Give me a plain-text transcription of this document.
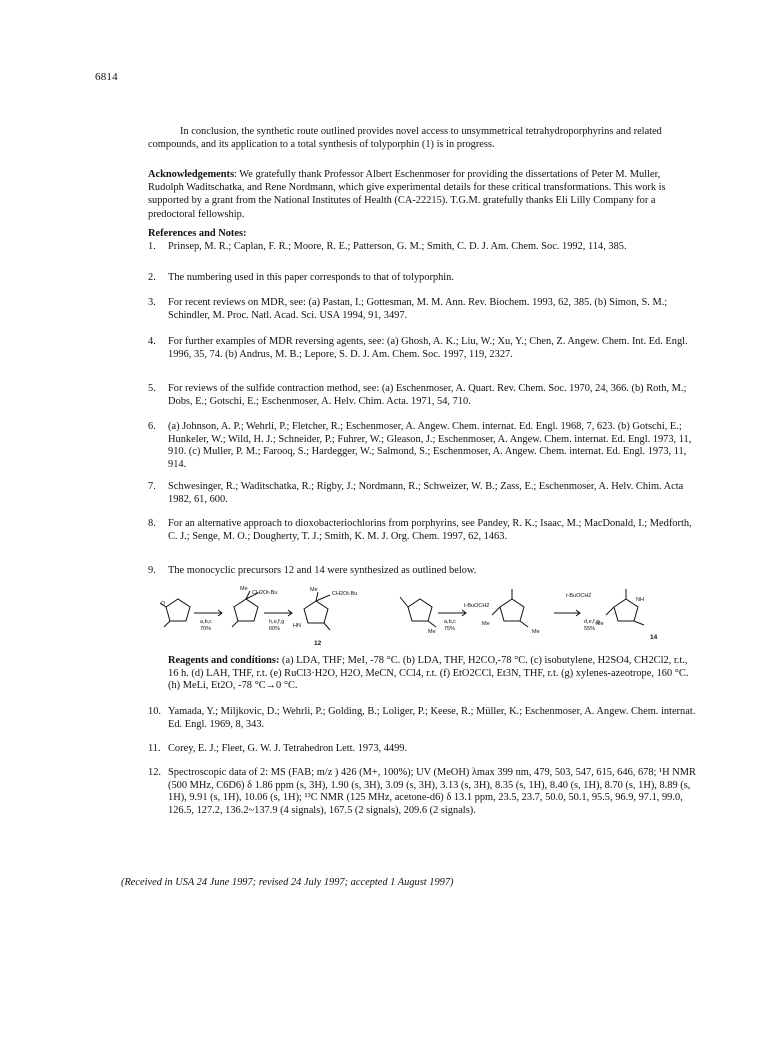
6814

In conclusion, the synthetic route outlined provides novel access to unsymmetrical tetrahydroporphyrins and related compounds, and its application to a total synthesis of tolyporphin (1) is in progress.

Acknowledgements: We gratefully thank Professor Albert Eschenmoser for providing the dissertations of Peter M. Muller, Rudolph Waditschatka, and Rene Nordmann, which give experimental details for these critical transformations. This work is supported by a grant from the National Institutes of Health (CA-22215). T.G.M. gratefully thanks Eli Lilly Company for a predoctoral fellowship.

References and Notes:
1.	Prinsep, M. R.; Caplan, F. R.; Moore, R. E.; Patterson, G. M.; Smith, C. D. J. Am. Chem. Soc. 1992, 114, 385.
2.	The numbering used in this paper corresponds to that of tolyporphin.
3.	For recent reviews on MDR, see: (a) Pastan, I.; Gottesman, M. M. Ann. Rev. Biochem. 1993, 62, 385. (b) Simon, S. M.; Schindler, M. Proc. Natl. Acad. Sci. USA 1994, 91, 3497.
4.	For further examples of MDR reversing agents, see: (a) Ghosh, A. K.; Liu, W.; Xu, Y.; Chen, Z. Angew. Chem. Int. Ed. Engl. 1996, 35, 74. (b) Andrus, M. B.; Lepore, S. D. J. Am. Chem. Soc. 1997, 119, 2327.
5.	For reviews of the sulfide contraction method, see: (a) Eschenmoser, A. Quart. Rev. Chem. Soc. 1970, 24, 366. (b) Roth, M.; Dobs, E.; Gotschi, E.; Eschenmoser, A. Helv. Chim. Acta. 1971, 54, 710.
6.	(a) Johnson, A. P.; Wehrli, P.; Fletcher, R.; Eschenmoser, A. Angew. Chem. internat. Ed. Engl. 1968, 7, 623. (b) Gotschi, E.; Hunkeler, W.; Wild, H. J.; Schneider, P.; Fuhrer, W.; Gleason, J.; Eschenmoser, A. Angew. Chem. internat. Ed. Engl. 1973, 11, 910. (c) Muller, P. M.; Farooq, S.; Hardegger, W.; Salmond, S.; Eschenmoser, A. Angew. Chem. internat. Ed. Engl. 1973, 11, 914.
7.	Schwesinger, R.; Waditschatka, R.; Rigby, J.; Nordmann, R.; Schweizer, W. B.; Zass, E.; Eschenmoser, A. Helv. Chim. Acta 1982, 61, 600.
8.	For an alternative approach to dioxobacteriochlorins from porphyrins, see Pandey, R. K.; Isaac, M.; MacDonald, I.; Medforth, C. J.; Senge, M. O.; Dougherty, T. J.; Smith, K. M. J. Org. Chem. 1997, 62, 1463.
9.	The monocyclic precursors 12 and 14 were synthesized as outlined below.
O
Me
CH2Ot-Bu
a,b,c
70%
h,e,f,g
60%
Me
CH2Ot-Bu
HN
12
t-BuOCH2
Me
a,b,c
75%
Me
t-BuOCH2
NH
d,e,f,g
55%
Me
Me
14

Reagents and conditions: (a) LDA, THF; MeI, -78 °C. (b) LDA, THF, H2CO,-78 °C. (c) isobutylene, H2SO4, CH2Cl2, r.t., 16 h. (d) LAH, THF, r.t. (e) RuCl3·H2O, H2O, MeCN, CCl4, r.t. (f) EtO2CCl, Et3N, THF, r.t. (g) xylenes-azeotrope, 160 °C. (h) MeLi, Et2O, -78 °C→0 °C.

10. Yamada, Y.; Miljkovic, D.; Wehrli, P.; Golding, B.; Loliger, P.; Keese, R.; Müller, K.; Eschenmoser, A. Angew. Chem. internat. Ed. Engl. 1969, 8, 343.
11. Corey, E. J.; Fleet, G. W. J. Tetrahedron Lett. 1973, 4499.
12. Spectroscopic data of 2: MS (FAB; m/z ) 426 (M+, 100%); UV (MeOH) λmax 399 nm, 479, 503, 547, 615, 646, 678; ¹H NMR (500 MHz, C6D6) δ 1.86 ppm (s, 3H), 1.90 (s, 3H), 3.09 (s, 3H), 3.13 (s, 3H), 8.35 (s, 1H), 8.40 (s, 1H), 8.70 (s, 1H), 8.89 (s, 1H), 9.91 (s, 1H), 10.06 (s, 1H); ¹³C NMR (125 MHz, acetone-d6) δ 13.1 ppm, 23.5, 23.7, 50.0, 50.1, 95.5, 96.9, 97.1, 99.0, 126.5, 127.2, 136.2~137.9 (4 signals), 167.5 (2 signals), 209.6 (2 signals).
(Received in USA 24 June 1997; revised 24 July 1997; accepted 1 August 1997)
